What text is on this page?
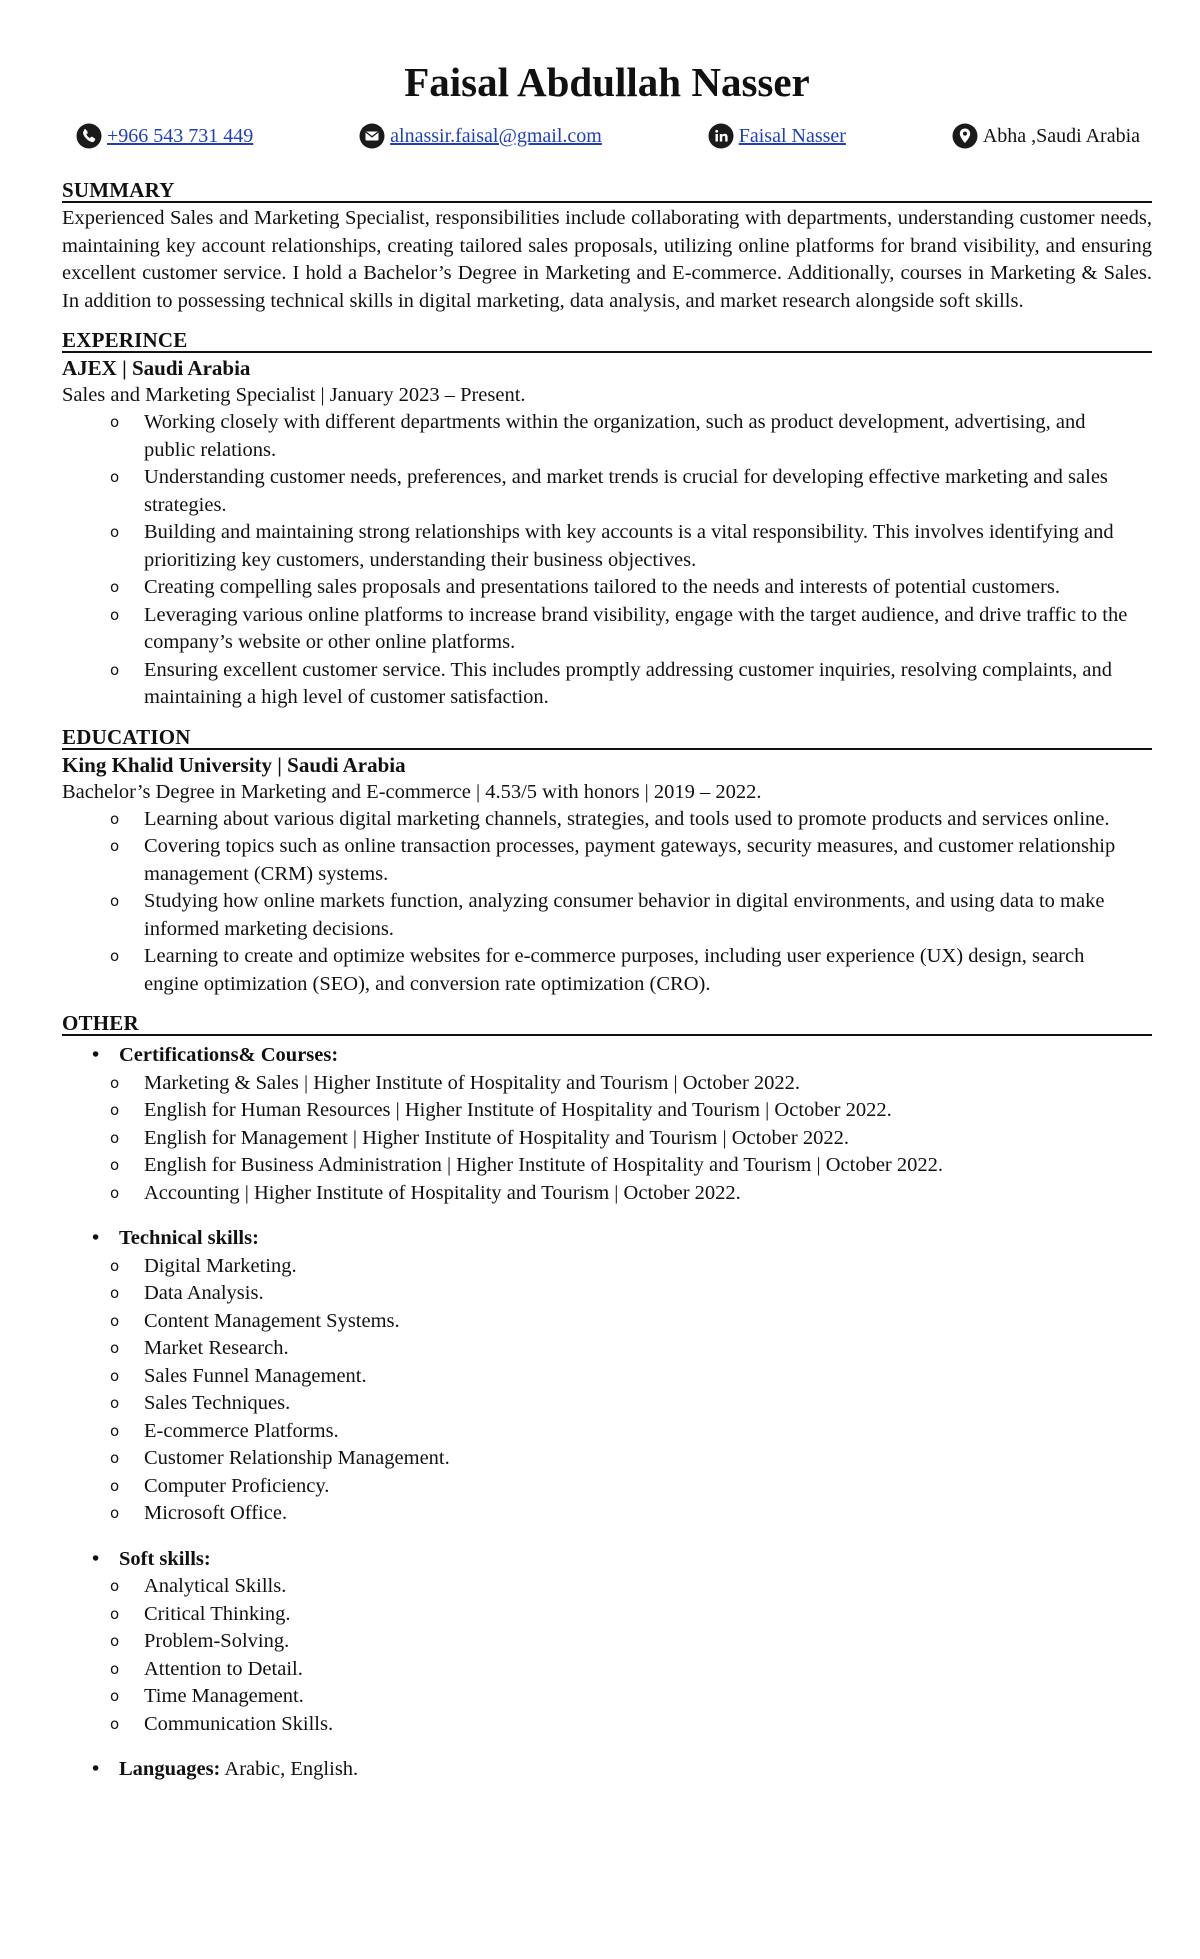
Faisal Abdullah Nasser
+966 543 731 449	alnassir.faisal@gmail.com	Faisal Nasser	Abha ,Saudi Arabia
SUMMARY

Experienced Sales and Marketing Specialist, responsibilities include collaborating with departments, understanding customer needs, maintaining key account relationships, creating tailored sales proposals, utilizing online platforms for brand visibility, and ensuring excellent customer service. I hold a Bachelor’s Degree in Marketing and E-commerce. Additionally, courses in Marketing & Sales. In addition to possessing technical skills in digital marketing, data analysis, and market research alongside soft skills.

EXPERINCE
AJEX | Saudi Arabia
Sales and Marketing Specialist | January 2023 – Present.
o Working closely with different departments within the organization, such as product development, advertising, and public relations.
o Understanding customer needs, preferences, and market trends is crucial for developing effective marketing and sales strategies.
o Building and maintaining strong relationships with key accounts is a vital responsibility. This involves identifying and prioritizing key customers, understanding their business objectives.
o Creating compelling sales proposals and presentations tailored to the needs and interests of potential customers.
o Leveraging various online platforms to increase brand visibility, engage with the target audience, and drive traffic to the company’s website or other online platforms.
o Ensuring excellent customer service. This includes promptly addressing customer inquiries, resolving complaints, and maintaining a high level of customer satisfaction.
EDUCATION
King Khalid University | Saudi Arabia
Bachelor’s Degree in Marketing and E-commerce | 4.53/5 with honors | 2019 – 2022.
o Learning about various digital marketing channels, strategies, and tools used to promote products and services online.
o Covering topics such as online transaction processes, payment gateways, security measures, and customer relationship management (CRM) systems.
o Studying how online markets function, analyzing consumer behavior in digital environments, and using data to make informed marketing decisions.
o Learning to create and optimize websites for e-commerce purposes, including user experience (UX) design, search engine optimization (SEO), and conversion rate optimization (CRO).
OTHER
• Certifications& Courses:
o Marketing & Sales | Higher Institute of Hospitality and Tourism | October 2022.
o English for Human Resources | Higher Institute of Hospitality and Tourism | October 2022.
o English for Management | Higher Institute of Hospitality and Tourism | October 2022.
o English for Business Administration | Higher Institute of Hospitality and Tourism | October 2022.
o Accounting | Higher Institute of Hospitality and Tourism | October 2022.
• Technical skills:
o Digital Marketing.
o Data Analysis.
o Content Management Systems.
o Market Research.
o Sales Funnel Management.
o Sales Techniques.
o E-commerce Platforms.
o Customer Relationship Management.
o Computer Proficiency.
o Microsoft Office.
• Soft skills:
o Analytical Skills.
o Critical Thinking.
o Problem-Solving.
o Attention to Detail.
o Time Management.
o Communication Skills.
• Languages: Arabic, English.
